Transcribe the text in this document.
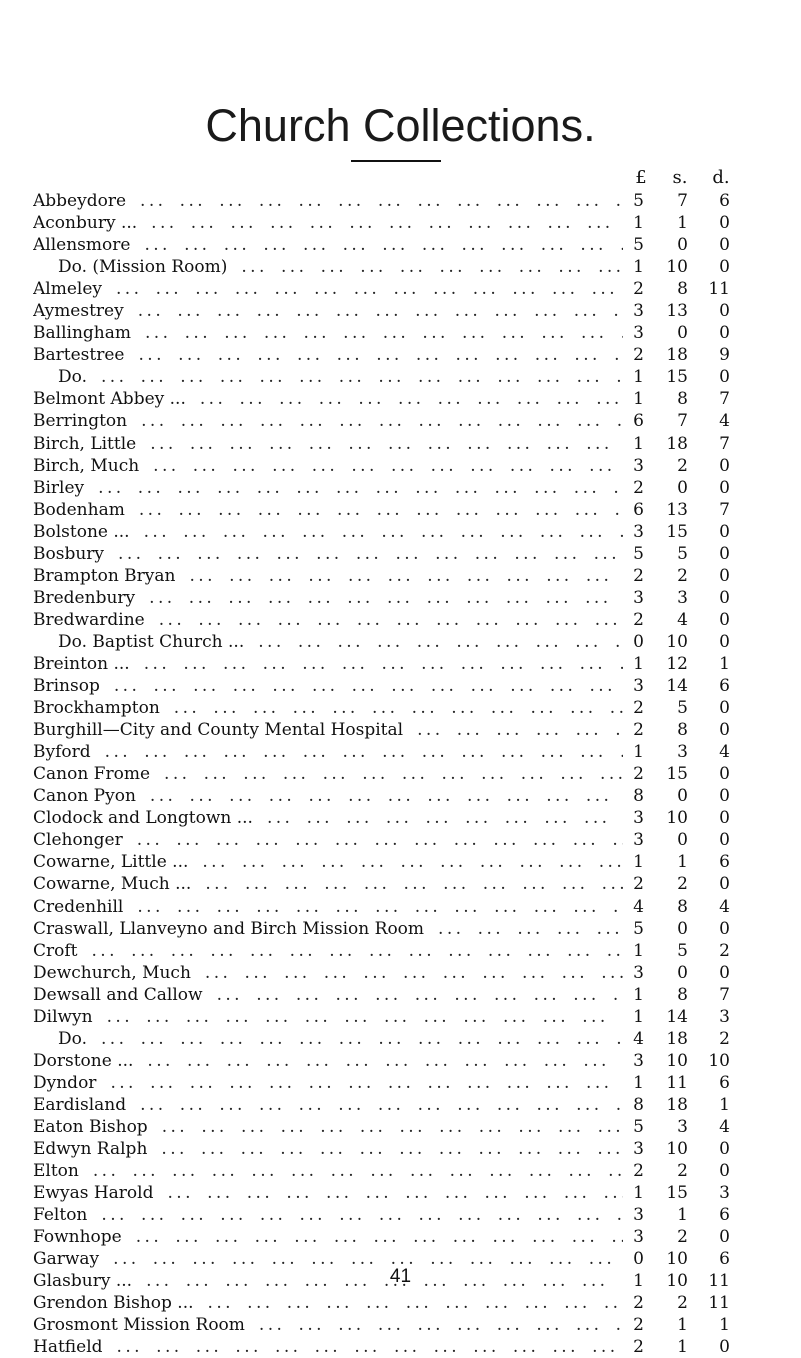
Church Collections.
£	s.	d.
Abbeydore . . .	5	7	6
Aconbury ... . . .	1	1	0
Allensmore . . .	5	0	0
Do. (Mission Room) . . .	1	10	0
Almeley . . .	2	8	11
Aymestrey . . .	3	13	0
Ballingham . . .	3	0	0
Bartestree . . .	2	18	9
Do. . . .	1	15	0
Belmont Abbey ... . . .	1	8	7
Berrington . . .	6	7	4
Birch, Little . . .	1	18	7
Birch, Much . . .	3	2	0
Birley . . .	2	0	0
Bodenham . . .	6	13	7
Bolstone ... . . .	3	15	0
Bosbury . . .	5	5	0
Brampton Bryan . . .	2	2	0
Bredenbury . . .	3	3	0
Bredwardine . . .	2	4	0
Do. Baptist Church ... . . .	0	10	0
Breinton ... . . .	1	12	1
Brinsop . . .	3	14	6
Brockhampton . . .	2	5	0
Burghill—City and County Mental Hospital . . .	2	8	0
Byford . . .	1	3	4
Canon Frome . . .	2	15	0
Canon Pyon . . .	8	0	0
Clodock and Longtown ... . . .	3	10	0
Clehonger . . .	3	0	0
Cowarne, Little ... . . .	1	1	6
Cowarne, Much ... . . .	2	2	0
Credenhill . . .	4	8	4
Craswall, Llanveyno and Birch Mission Room . . .	5	0	0
Croft . . .	1	5	2
Dewchurch, Much . . .	3	0	0
Dewsall and Callow . . .	1	8	7
Dilwyn . . .	1	14	3
Do. . . .	4	18	2
Dorstone ... . . .	3	10	10
Dyndor . . .	1	11	6
Eardisland . . .	8	18	1
Eaton Bishop . . .	5	3	4
Edwyn Ralph . . .	3	10	0
Elton . . .	2	2	0
Ewyas Harold . . .	1	15	3
Felton . . .	3	1	6
Fownhope . . .	3	2	0
Garway . . .	0	10	6
Glasbury ... . . .	1	10	11
Grendon Bishop ... . . .	2	2	11
Grosmont Mission Room . . .	2	1	1
Hatfield . . .	2	1	0
41
